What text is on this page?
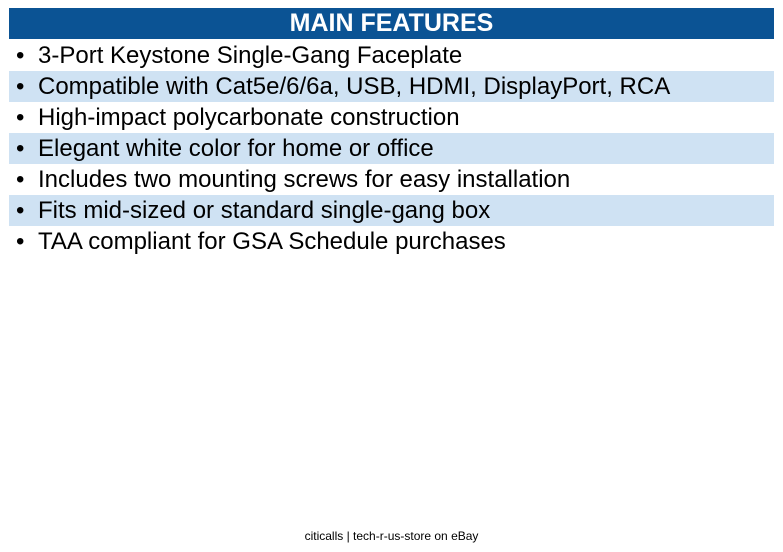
MAIN FEATURES
• 3-Port Keystone Single-Gang Faceplate
• Compatible with Cat5e/6/6a, USB, HDMI, DisplayPort, RCA
• High-impact polycarbonate construction
• Elegant white color for home or office
• Includes two mounting screws for easy installation
• Fits mid-sized or standard single-gang box
• TAA compliant for GSA Schedule purchases
citicalls | tech-r-us-store on eBay
